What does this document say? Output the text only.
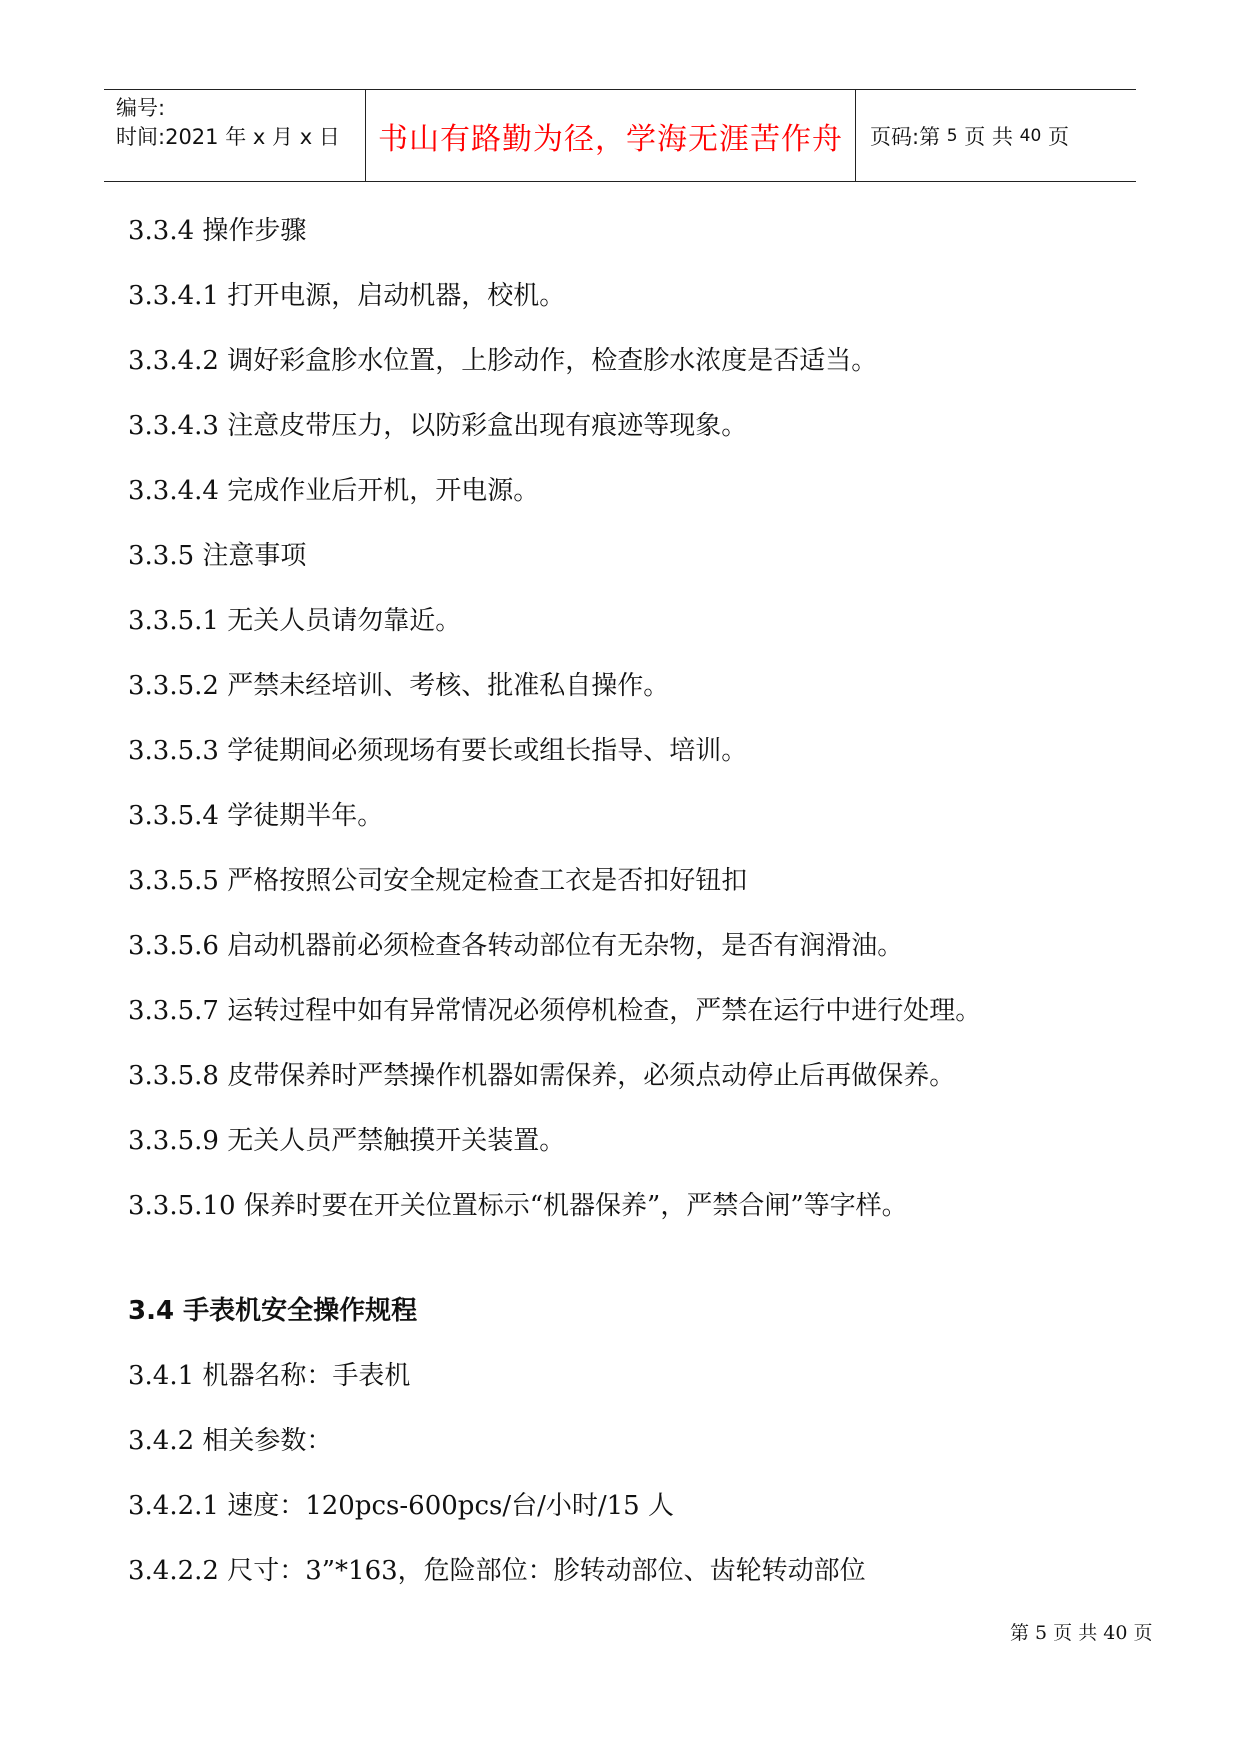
编号:
时间:2021 年 x 月 x 日	书山有路勤为径，学海无涯苦作舟 页码:第
5
页 共
40
页
3.3.4 操作步骤
3.3.4.1 打开电源，启动机器，校机。
3.3.4.2 调好彩盒胗水位置，上胗动作，检查胗水浓度是否适当。
3.3.4.3 注意皮带压力，以防彩盒出现有痕迹等现象。
3.3.4.4 完成作业后开机，开电源。
3.3.5 注意事项
3.3.5.1 无关人员请勿靠近。
3.3.5.2 严禁未经培训、考核、批准私自操作。
3.3.5.3 学徒期间必须现场有要长或组长指导、培训。
3.3.5.4 学徒期半年。
3.3.5.5 严格按照公司安全规定检查工衣是否扣好钮扣
3.3.5.6 启动机器前必须检查各转动部位有无杂物，是否有润滑油。
3.3.5.7 运转过程中如有异常情况必须停机检查，严禁在运行中进行处理。
3.3.5.8 皮带保养时严禁操作机器如需保养，必须点动停止后再做保养。
3.3.5.9 无关人员严禁触摸开关装置。
3.3.5.10 保养时要在开关位置标示“机器保养”，严禁合闸”等字样。
3.4 手表机安全操作规程
3.4.1 机器名称：手表机
3.4.2 相关参数：
3.4.2.1 速度：120pcs-600pcs/台/小时/15 人
3.4.2.2 尺寸：3”*163，危险部位：胗转动部位、齿轮转动部位
第 5 页 共 40 页
